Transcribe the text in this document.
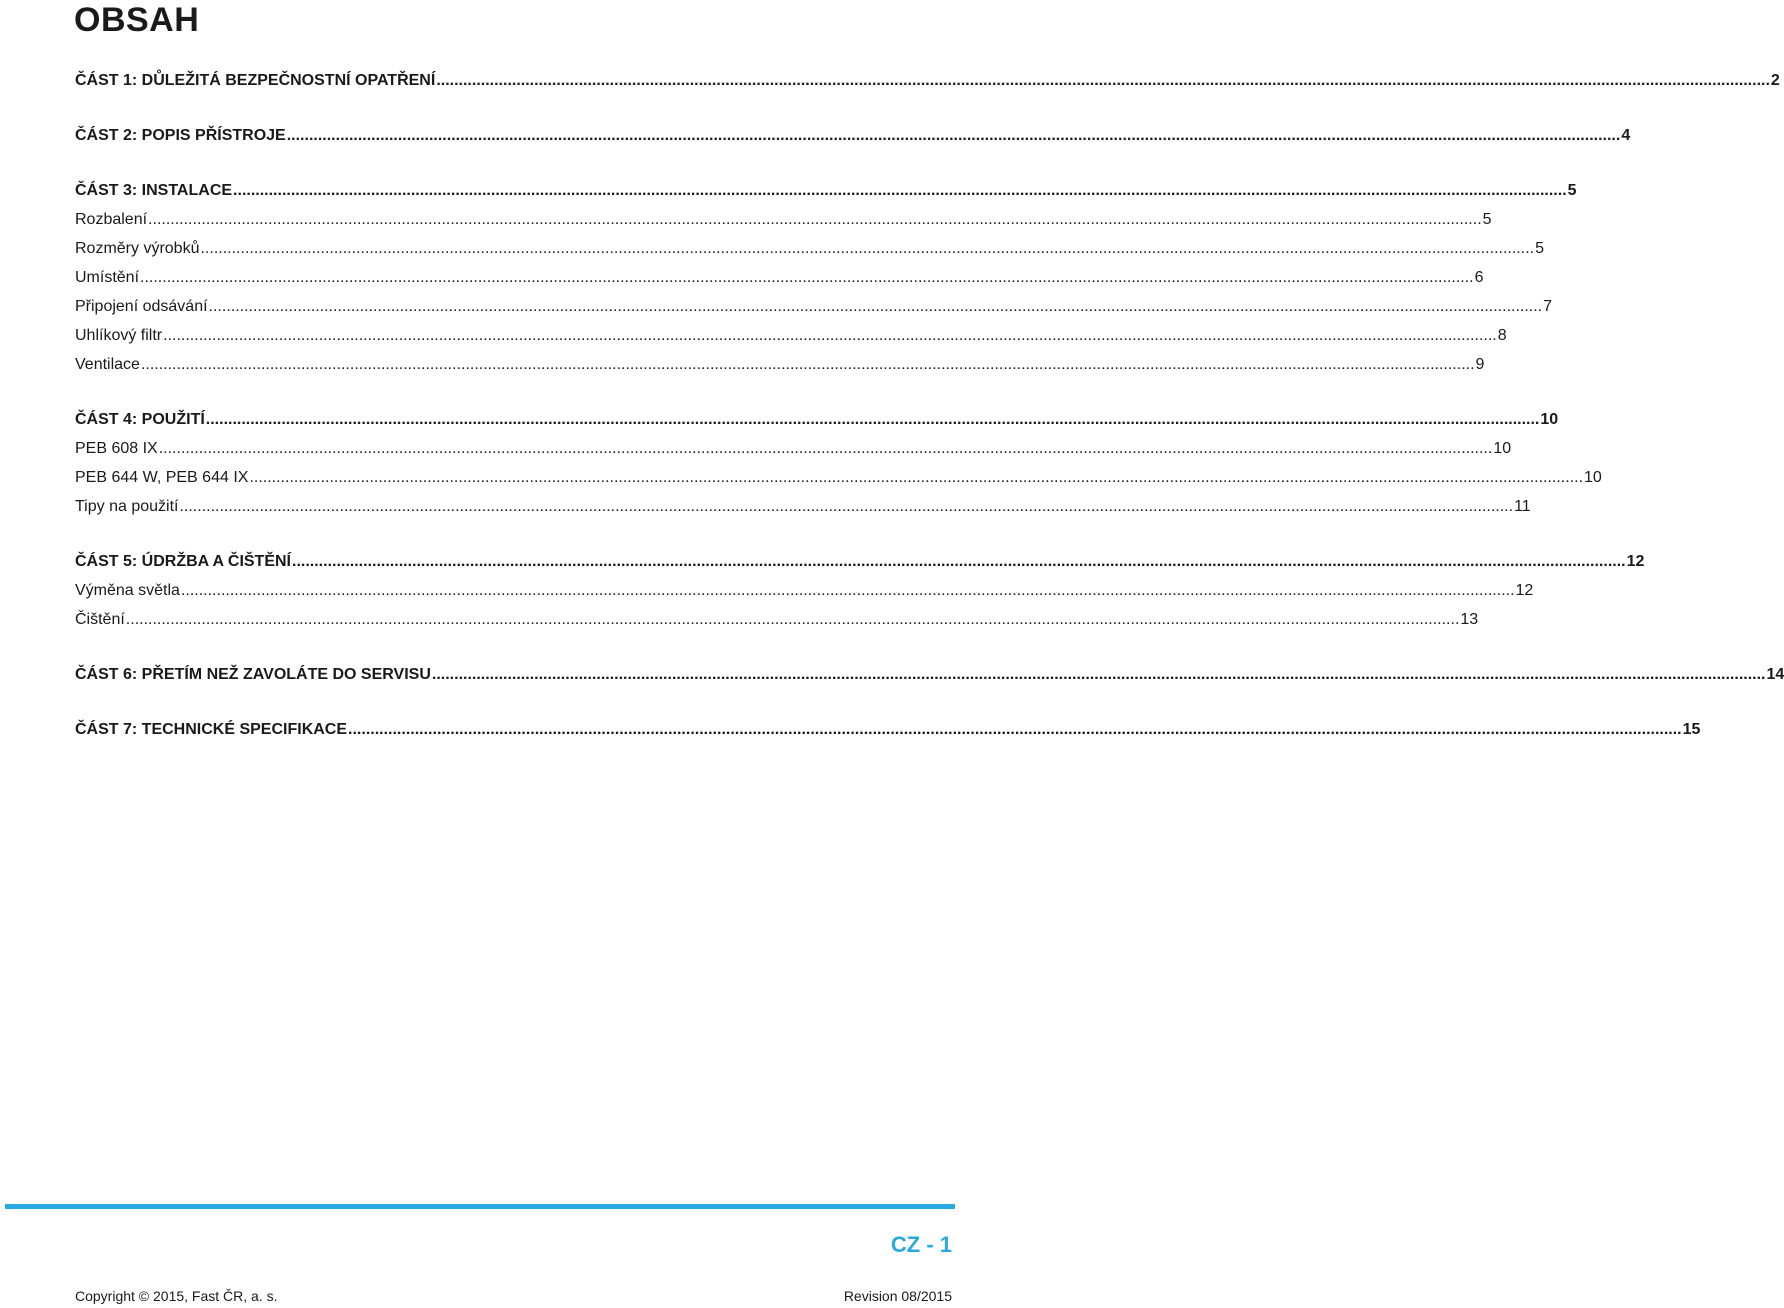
OBSAH
ČÁST 1: DŮLEŽITÁ BEZPEČNOSTNÍ OPATŘENÍ ............................................................................................................................................................................................................................................................................................................ 2
ČÁST 2: POPIS PŘÍSTROJE ............................................................................................................................................................................................................................................................................................................ 4
ČÁST 3: INSTALACE ............................................................................................................................................................................................................................................................................................................ 5
Rozbalení ............................................................................................................................................................................................................................................................................................................ 5
Rozměry výrobků ............................................................................................................................................................................................................................................................................................................ 5
Umístění ............................................................................................................................................................................................................................................................................................................ 6
Připojení odsávání ............................................................................................................................................................................................................................................................................................................ 7
Uhlíkový filtr ............................................................................................................................................................................................................................................................................................................ 8
Ventilace ............................................................................................................................................................................................................................................................................................................ 9
ČÁST 4: POUŽITÍ ............................................................................................................................................................................................................................................................................................................ 10
PEB 608 IX ............................................................................................................................................................................................................................................................................................................ 10
PEB 644 W, PEB 644 IX ............................................................................................................................................................................................................................................................................................................ 10
Tipy na použití ............................................................................................................................................................................................................................................................................................................ 11
ČÁST 5: ÚDRŽBA A ČIŠTĚNÍ ............................................................................................................................................................................................................................................................................................................ 12
Výměna světla ............................................................................................................................................................................................................................................................................................................ 12
Čištění ............................................................................................................................................................................................................................................................................................................ 13
ČÁST 6: PŘETÍM NEŽ ZAVOLÁTE DO SERVISU ............................................................................................................................................................................................................................................................................................................ 14
ČÁST 7: TECHNICKÉ SPECIFIKACE ............................................................................................................................................................................................................................................................................................................ 15
CZ - 1
Copyright © 2015, Fast ČR, a. s.	Revision 08/2015
